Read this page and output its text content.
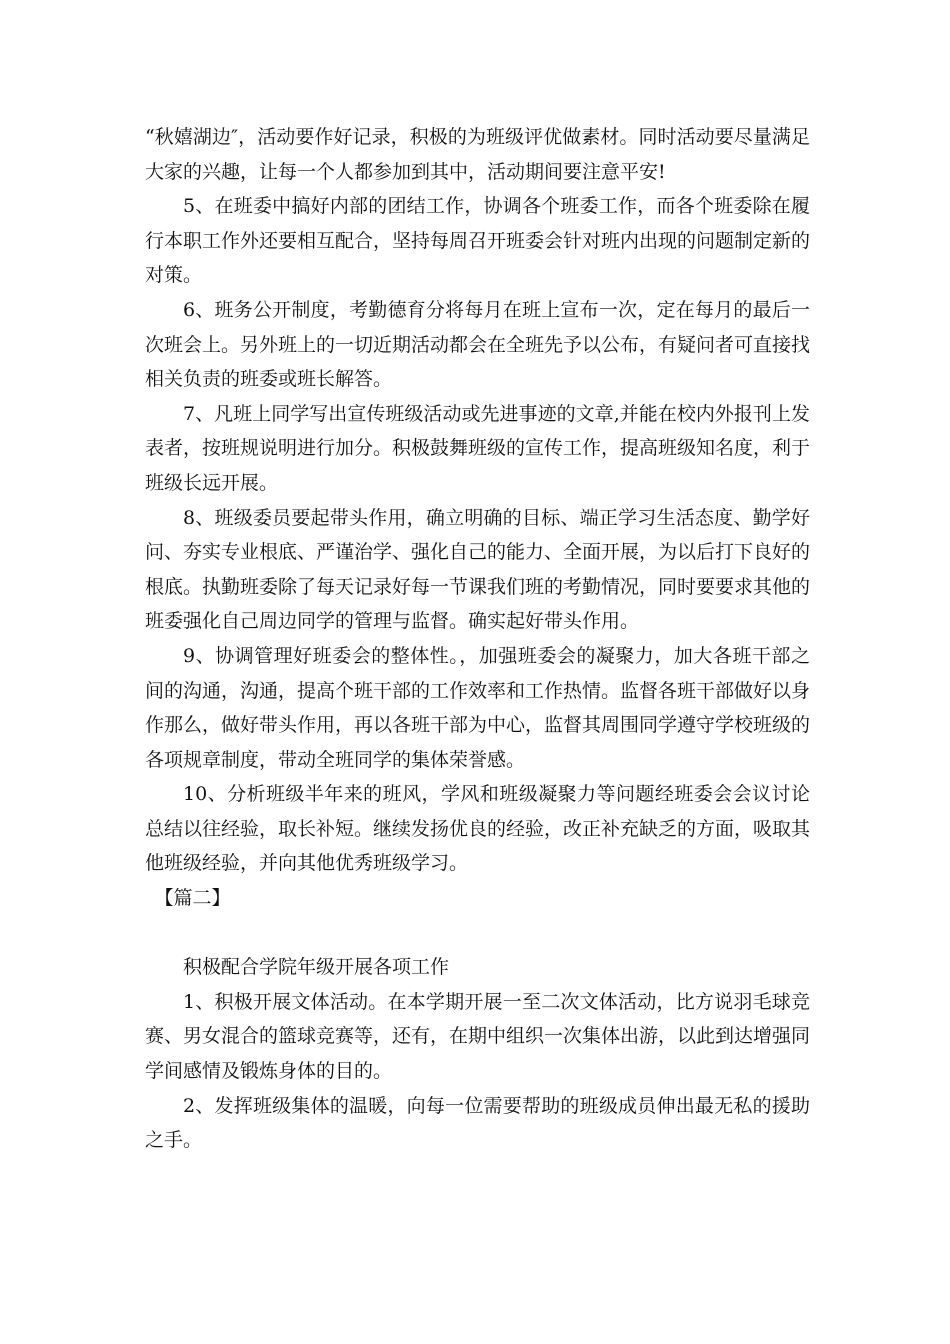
“秋嬉湖边″，活动要作好记录，积极的为班级评优做素材。同时活动要尽量满足大家的兴趣，让每一个人都参加到其中，活动期间要注意平安!

5、在班委中搞好内部的团结工作，协调各个班委工作，而各个班委除在履行本职工作外还要相互配合，坚持每周召开班委会针对班内出现的问题制定新的对策。

6、班务公开制度，考勤德育分将每月在班上宣布一次，定在每月的最后一次班会上。另外班上的一切近期活动都会在全班先予以公布，有疑问者可直接找相关负责的班委或班长解答。

7、凡班上同学写出宣传班级活动或先进事迹的文章,并能在校内外报刊上发表者，按班规说明进行加分。积极鼓舞班级的宣传工作，提高班级知名度，利于班级长远开展。

8、班级委员要起带头作用，确立明确的目标、端正学习生活态度、勤学好问、夯实专业根底、严谨治学、强化自己的能力、全面开展，为以后打下良好的根底。执勤班委除了每天记录好每一节课我们班的考勤情况，同时要要求其他的班委强化自己周边同学的管理与监督。确实起好带头作用。

9、协调管理好班委会的整体性。，加强班委会的凝聚力，加大各班干部之间的沟通，沟通，提高个班干部的工作效率和工作热情。监督各班干部做好以身作那么，做好带头作用，再以各班干部为中心，监督其周围同学遵守学校班级的各项规章制度，带动全班同学的集体荣誉感。

10、分析班级半年来的班风，学风和班级凝聚力等问题经班委会会议讨论总结以往经验，取长补短。继续发扬优良的经验，改正补充缺乏的方面，吸取其他班级经验，并向其他优秀班级学习。

【篇二】

积极配合学院年级开展各项工作

1、积极开展文体活动。在本学期开展一至二次文体活动，比方说羽毛球竞赛、男女混合的篮球竞赛等，还有，在期中组织一次集体出游，以此到达增强同学间感情及锻炼身体的目的。

2、发挥班级集体的温暖，向每一位需要帮助的班级成员伸出最无私的援助之手。
